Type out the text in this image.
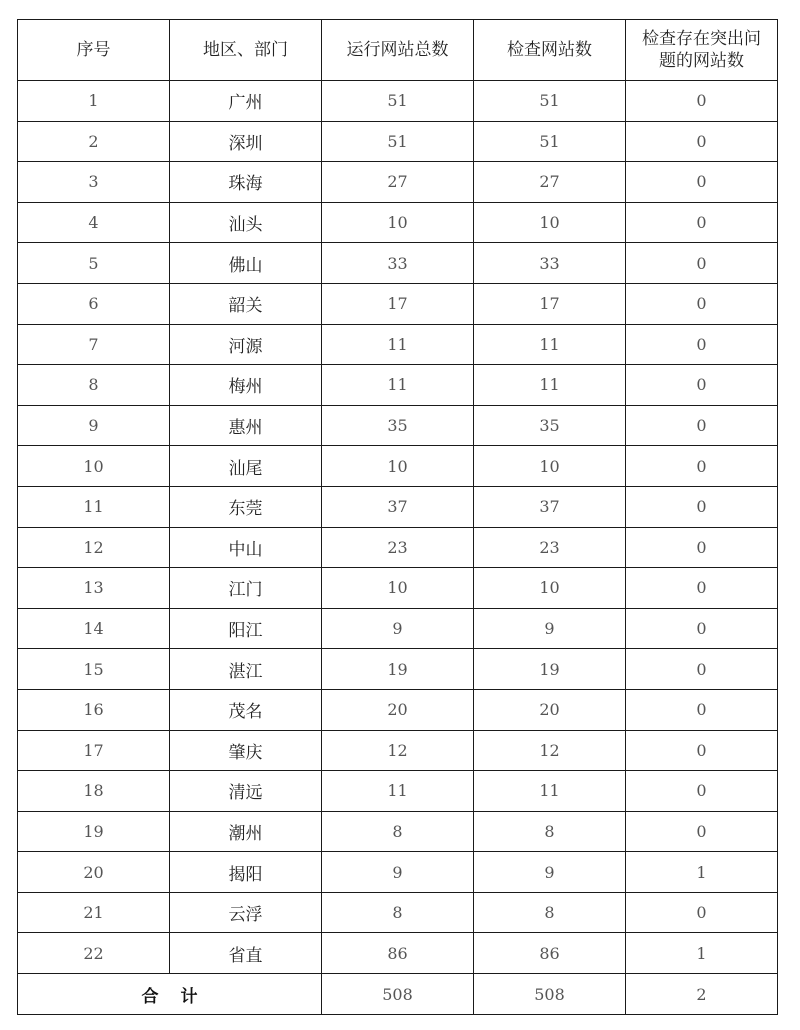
序号	地区、部门	运行网站总数	检查网站数	检查存在突出问题的网站数
1	广州	51	51	0
2	深圳	51	51	0
3	珠海	27	27	0
4	汕头	10	10	0
5	佛山	33	33	0
6	韶关	17	17	0
7	河源	11	11	0
8	梅州	11	11	0
9	惠州	35	35	0
10	汕尾	10	10	0
11	东莞	37	37	0
12	中山	23	23	0
13	江门	10	10	0
14	阳江	9	9	0
15	湛江	19	19	0
16	茂名	20	20	0
17	肇庆	12	12	0
18	清远	11	11	0
19	潮州	8	8	0
20	揭阳	9	9	1
21	云浮	8	8	0
22	省直	86	86	1
合计		508	508	2
